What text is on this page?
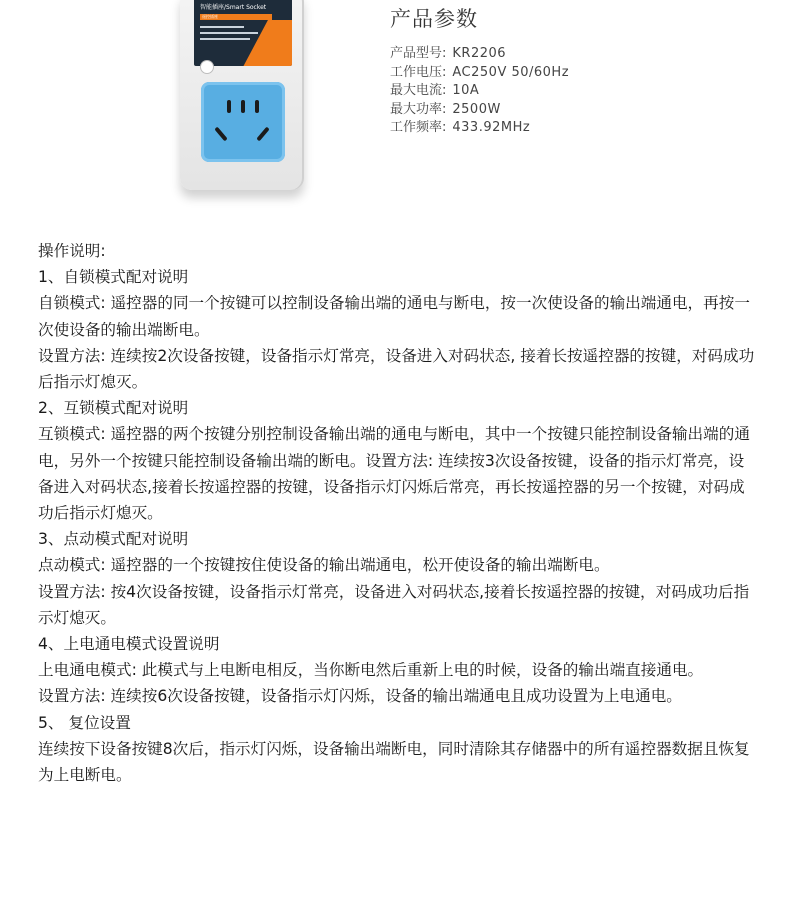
智能插座/Smart Socket
遥控插座	产品参数
产品型号: KR2206
工作电压: AC250V 50/60Hz
最大电流: 10A
最大功率: 2500W
工作频率: 433.92MHz

操作说明:

1、自锁模式配对说明

自锁模式: 遥控器的同一个按键可以控制设备输出端的通电与断电，按一次使设备的输出端通电，再按一次使设备的输出端断电。

设置方法: 连续按2次设备按键，设备指示灯常亮，设备进入对码状态, 接着长按遥控器的按键，对码成功后指示灯熄灭。

2、互锁模式配对说明

互锁模式: 遥控器的两个按键分别控制设备输出端的通电与断电，其中一个按键只能控制设备输出端的通电，另外一个按键只能控制设备输出端的断电。设置方法: 连续按3次设备按键，设备的指示灯常亮，设备进入对码状态,接着长按遥控器的按键，设备指示灯闪烁后常亮，再长按遥控器的另一个按键，对码成功后指示灯熄灭。

3、点动模式配对说明

点动模式: 遥控器的一个按键按住使设备的输出端通电，松开使设备的输出端断电。

设置方法: 按4次设备按键，设备指示灯常亮，设备进入对码状态,接着长按遥控器的按键，对码成功后指示灯熄灭。

4、上电通电模式设置说明

上电通电模式: 此模式与上电断电相反，当你断电然后重新上电的时候，设备的输出端直接通电。

设置方法: 连续按6次设备按键，设备指示灯闪烁，设备的输出端通电且成功设置为上电通电。

5、 复位设置

连续按下设备按键8次后，指示灯闪烁，设备输出端断电，同时清除其存储器中的所有遥控器数据且恢复为上电断电。
